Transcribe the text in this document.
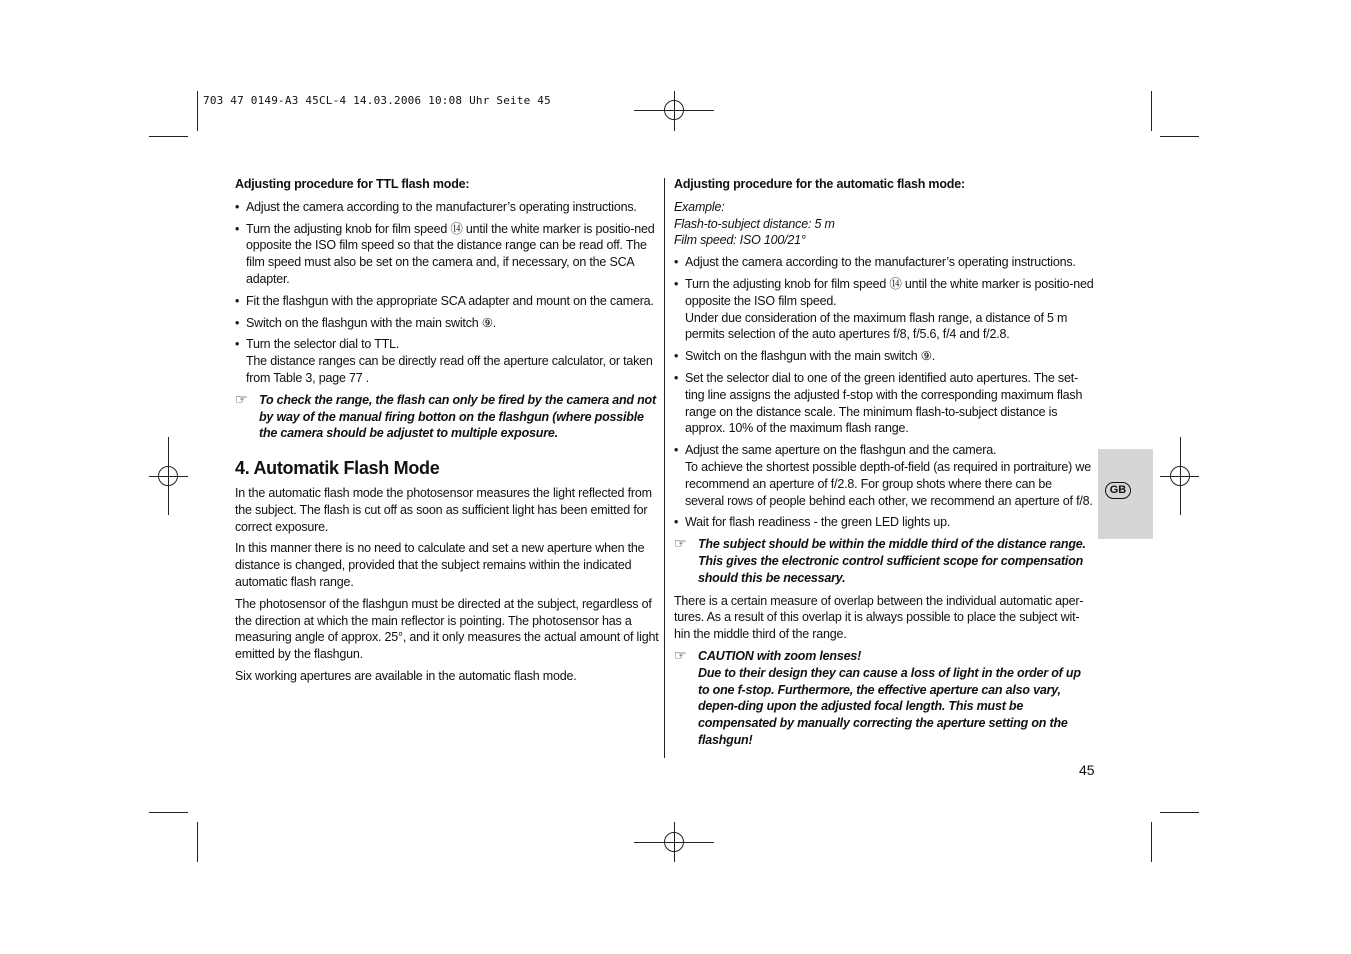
703 47 0149-A3 45CL-4 14.03.2006 10:08 Uhr Seite 45

Adjusting procedure for TTL flash mode:

• Adjust the camera according to the manufacturer’s operating instructions.
• Turn the adjusting knob for film speed ⑭ until the white marker is positio-ned opposite the ISO film speed so that the distance range can be read off. The film speed must also be set on the camera and, if necessary, on the SCA adapter.
• Fit the flashgun with the appropriate SCA adapter and mount on the camera.
• Switch on the flashgun with the main switch ⑨.
• Turn the selector dial to TTL.
The distance ranges can be directly read off the aperture calculator, or taken from Table 3, page 77 .
☞ To check the range, the flash can only be fired by the camera and not by way of the manual firing botton on the flashgun (where possible the camera should be adjustet to multiple exposure.

4. Automatik Flash Mode

In the automatic flash mode the photosensor measures the light reflected from the subject. The flash is cut off as soon as sufficient light has been emitted for correct exposure.

In this manner there is no need to calculate and set a new aperture when the distance is changed, provided that the subject remains within the indicated automatic flash range.

The photosensor of the flashgun must be directed at the subject, regardless of the direction at which the main reflector is pointing. The photosensor has a measuring angle of approx. 25°, and it only measures the actual amount of light emitted by the flashgun.

Six working apertures are available in the automatic flash mode.

Adjusting procedure for the automatic flash mode:

Example:
Flash-to-subject distance: 5 m
Film speed: ISO 100/21°
• Adjust the camera according to the manufacturer’s operating instructions.
• Turn the adjusting knob for film speed ⑭ until the white marker is positio-ned opposite the ISO film speed.
Under due consideration of the maximum flash range, a distance of 5 m permits selection of the auto apertures f/8, f/5.6, f/4 and f/2.8.
• Switch on the flashgun with the main switch ⑨.
• Set the selector dial to one of the green identified auto apertures. The set-ting line assigns the adjusted f-stop with the corresponding maximum flash range on the distance scale. The minimum flash-to-subject distance is approx. 10% of the maximum flash range.
• Adjust the same aperture on the flashgun and the camera.
To achieve the shortest possible depth-of-field (as required in portraiture) we recommend an aperture of f/2.8. For group shots where there can be several rows of people behind each other, we recommend an aperture of f/8.
• Wait for flash readiness - the green LED lights up.
☞ The subject should be within the middle third of the distance range. This gives the electronic control sufficient scope for compensation should this be necessary.

There is a certain measure of overlap between the individual automatic aper-tures. As a result of this overlap it is always possible to place the subject wit-hin the middle third of the range.

☞ CAUTION with zoom lenses!
Due to their design they can cause a loss of light in the order of up to one f-stop. Furthermore, the effective aperture can also vary, depen-ding upon the adjusted focal length. This must be compensated by manually correcting the aperture setting on the flashgun!
GB
45
